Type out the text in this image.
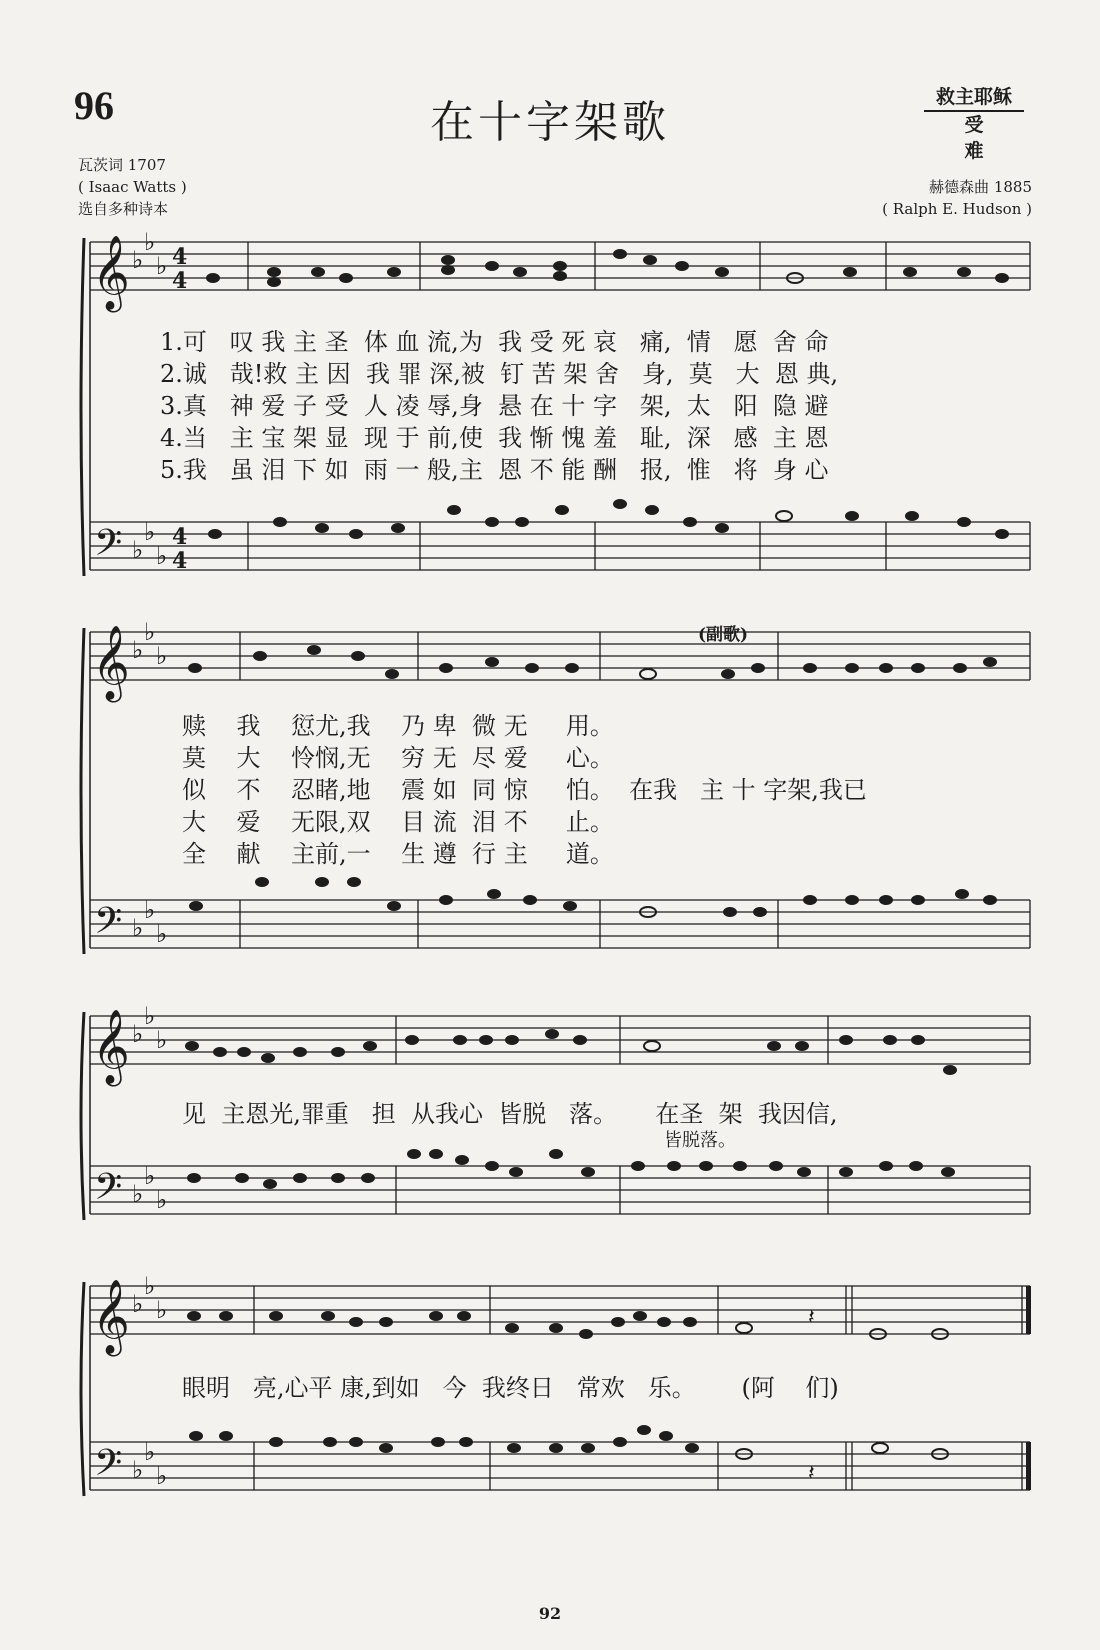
96	在十字架歌	救主耶稣
受难
瓦茨词 1707
( Isaac Watts )
选自多种诗本
赫德森曲 1885
( Ralph E. Hudson )
𝄞
𝄢
♭
♭
♭
♭
♭
♭
4
4
4
4
1.可   叹 我 主 圣  体 血 流,为  我 受 死 哀   痛,  情   愿  舍 命
2.诚   哉!救 主 因  我 罪 深,被  钉 苦 架 舍   身,  莫   大  恩 典,
3.真   神 爱 子 受  人 凌 辱,身  悬 在 十 字   架,  太   阳  隐 避
4.当   主 宝 架 显  现 于 前,使  我 惭 愧 羞   耻,  深   感  主 恩
5.我   虽 泪 下 如  雨 一 般,主  恩 不 能 酬   报,  惟   将  身 心
(副歌)
𝄞
𝄢
♭
♭
♭
♭
♭
♭
赎    我    愆尤,我    乃 卑  微 无     用。
莫    大    怜悯,无    穷 无  尽 爱     心。
似    不    忍睹,地    震 如  同 惊     怕。  在我   主 十 字架,我已
大    爱    无限,双    目 流  泪 不     止。
全    献    主前,一    生 遵  行 主     道。
𝄞
𝄢
♭
♭
♭
♭
♭
♭
见  主恩光,罪重   担  从我心  皆脱   落。     在圣  架  我因信,
皆脱落。
𝄞
𝄢
♭
♭
♭
♭
♭
♭
𝄽
𝄽
眼明   亮,心平 康,到如   今  我终日   常欢   乐。      (阿    们)
92
